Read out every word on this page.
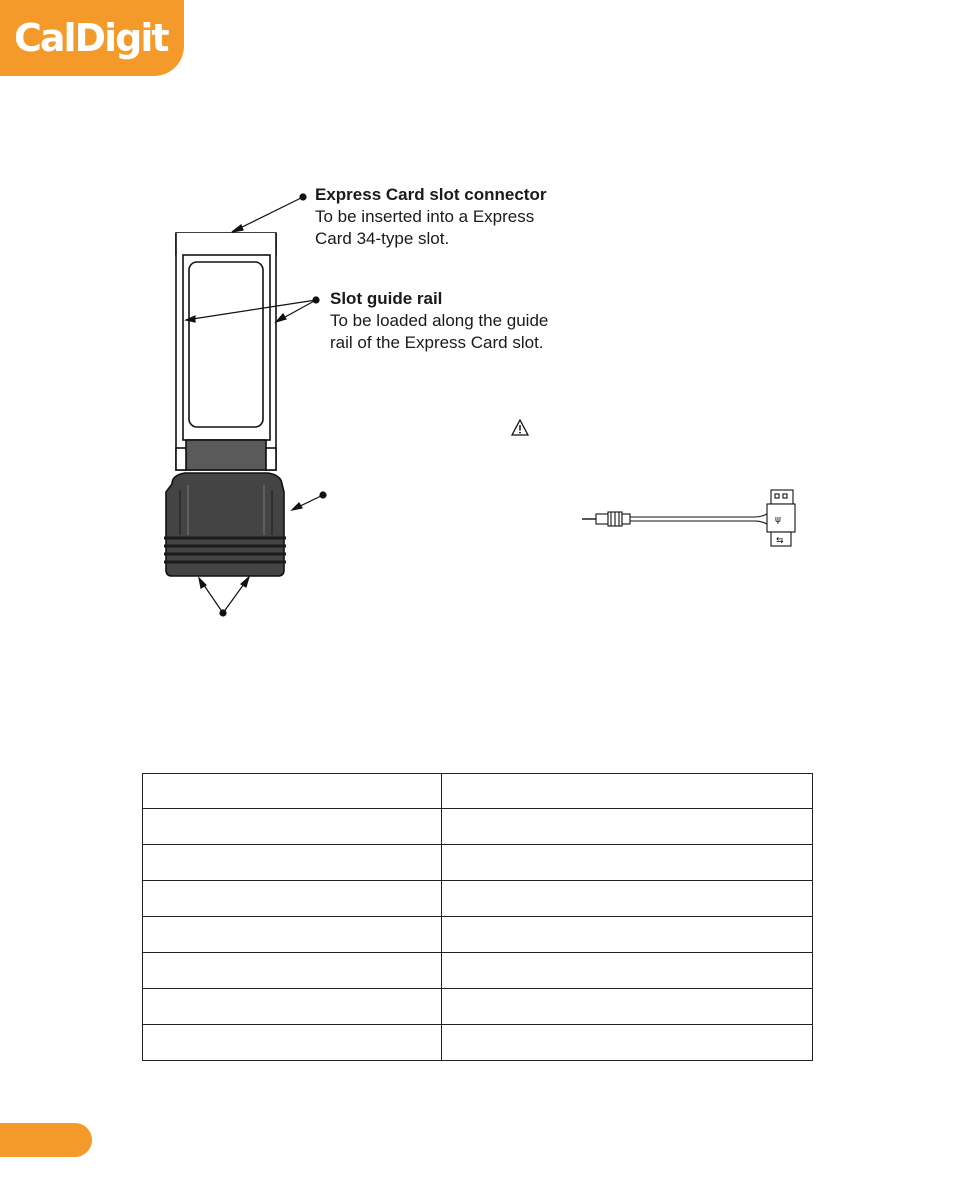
CalDigit
⇆
ψ
Express Card slot connector
To be inserted into a Express
Card 34-type slot.
Slot guide rail
To be loaded along the guide
rail of the Express Card slot.
